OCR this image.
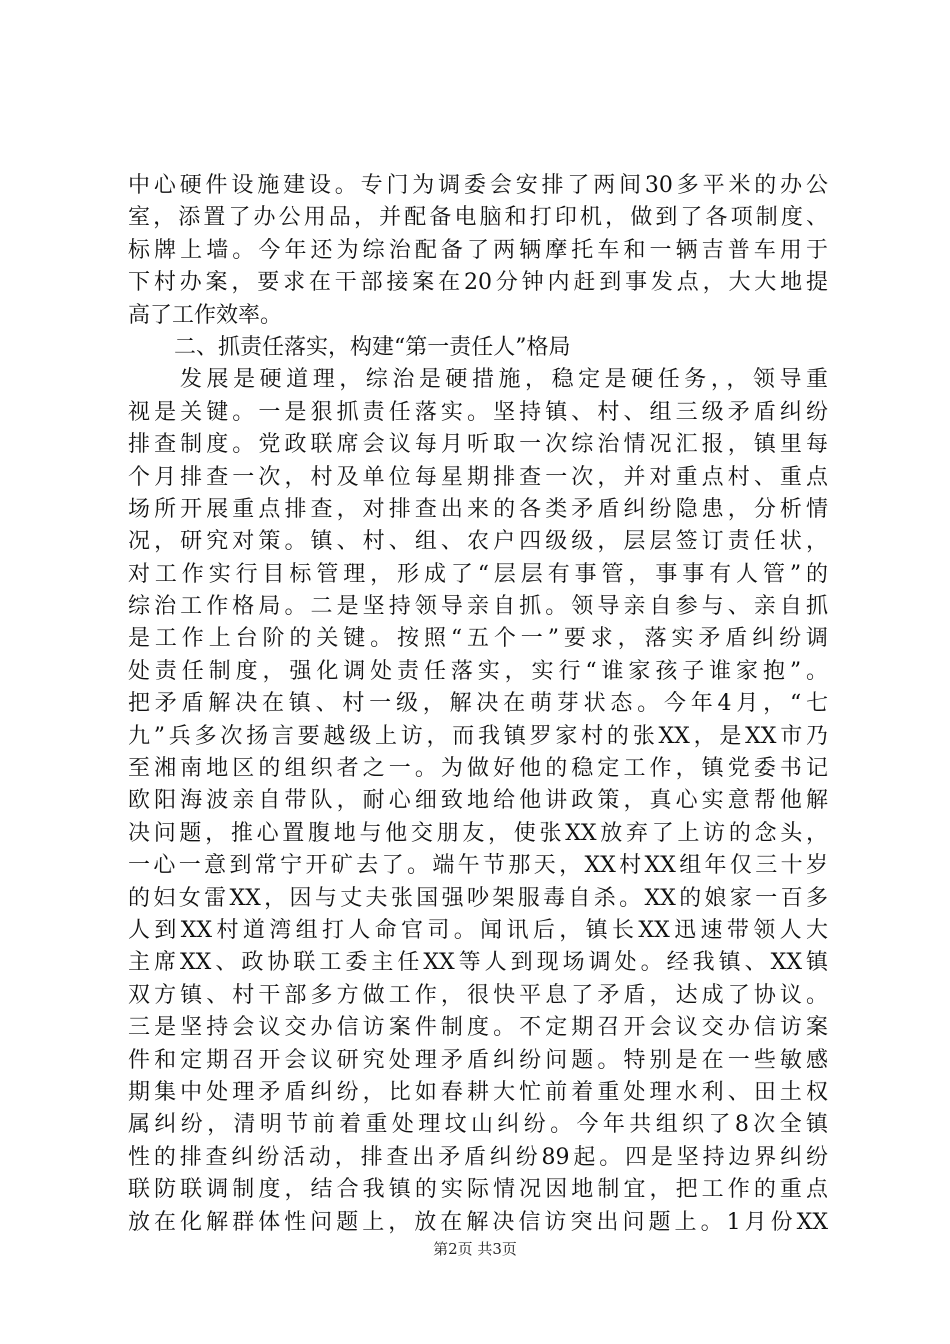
中心硬件设施建设。专门为调委会安排了两间30多平米的办公
室，添置了办公用品，并配备电脑和打印机，做到了各项制度、
标牌上墙。今年还为综治配备了两辆摩托车和一辆吉普车用于
下村办案，要求在干部接案在20分钟内赶到事发点，大大地提
高了工作效率。
二、抓责任落实，构建“第一责任人”格局
发展是硬道理，综治是硬措施，稳定是硬任务，，领导重
视是关键。一是狠抓责任落实。坚持镇、村、组三级矛盾纠纷
排查制度。党政联席会议每月听取一次综治情况汇报，镇里每
个月排查一次，村及单位每星期排查一次，并对重点村、重点
场所开展重点排查，对排查出来的各类矛盾纠纷隐患，分析情
况，研究对策。镇、村、组、农户四级级，层层签订责任状，
对工作实行目标管理，形成了“层层有事管，事事有人管”的
综治工作格局。二是坚持领导亲自抓。领导亲自参与、亲自抓
是工作上台阶的关键。按照“五个一”要求，落实矛盾纠纷调
处责任制度，强化调处责任落实，实行“谁家孩子谁家抱”。
把矛盾解决在镇、村一级，解决在萌芽状态。今年4月，“七
九”兵多次扬言要越级上访，而我镇罗家村的张XX，是XX市乃
至湘南地区的组织者之一。为做好他的稳定工作，镇党委书记
欧阳海波亲自带队，耐心细致地给他讲政策，真心实意帮他解
决问题，推心置腹地与他交朋友，使张XX放弃了上访的念头，
一心一意到常宁开矿去了。端午节那天，XX村XX组年仅三十岁
的妇女雷XX，因与丈夫张国强吵架服毒自杀。XX的娘家一百多
人到XX村道湾组打人命官司。闻讯后，镇长XX迅速带领人大
主席XX、政协联工委主任XX等人到现场调处。经我镇、XX镇
双方镇、村干部多方做工作，很快平息了矛盾，达成了协议。
三是坚持会议交办信访案件制度。不定期召开会议交办信访案
件和定期召开会议研究处理矛盾纠纷问题。特别是在一些敏感
期集中处理矛盾纠纷，比如春耕大忙前着重处理水利、田土权
属纠纷，清明节前着重处理坟山纠纷。今年共组织了8次全镇
性的排查纠纷活动，排查出矛盾纠纷89起。四是坚持边界纠纷
联防联调制度，结合我镇的实际情况因地制宜，把工作的重点
放在化解群体性问题上，放在解决信访突出问题上。1月份XX
第2页 共3页
